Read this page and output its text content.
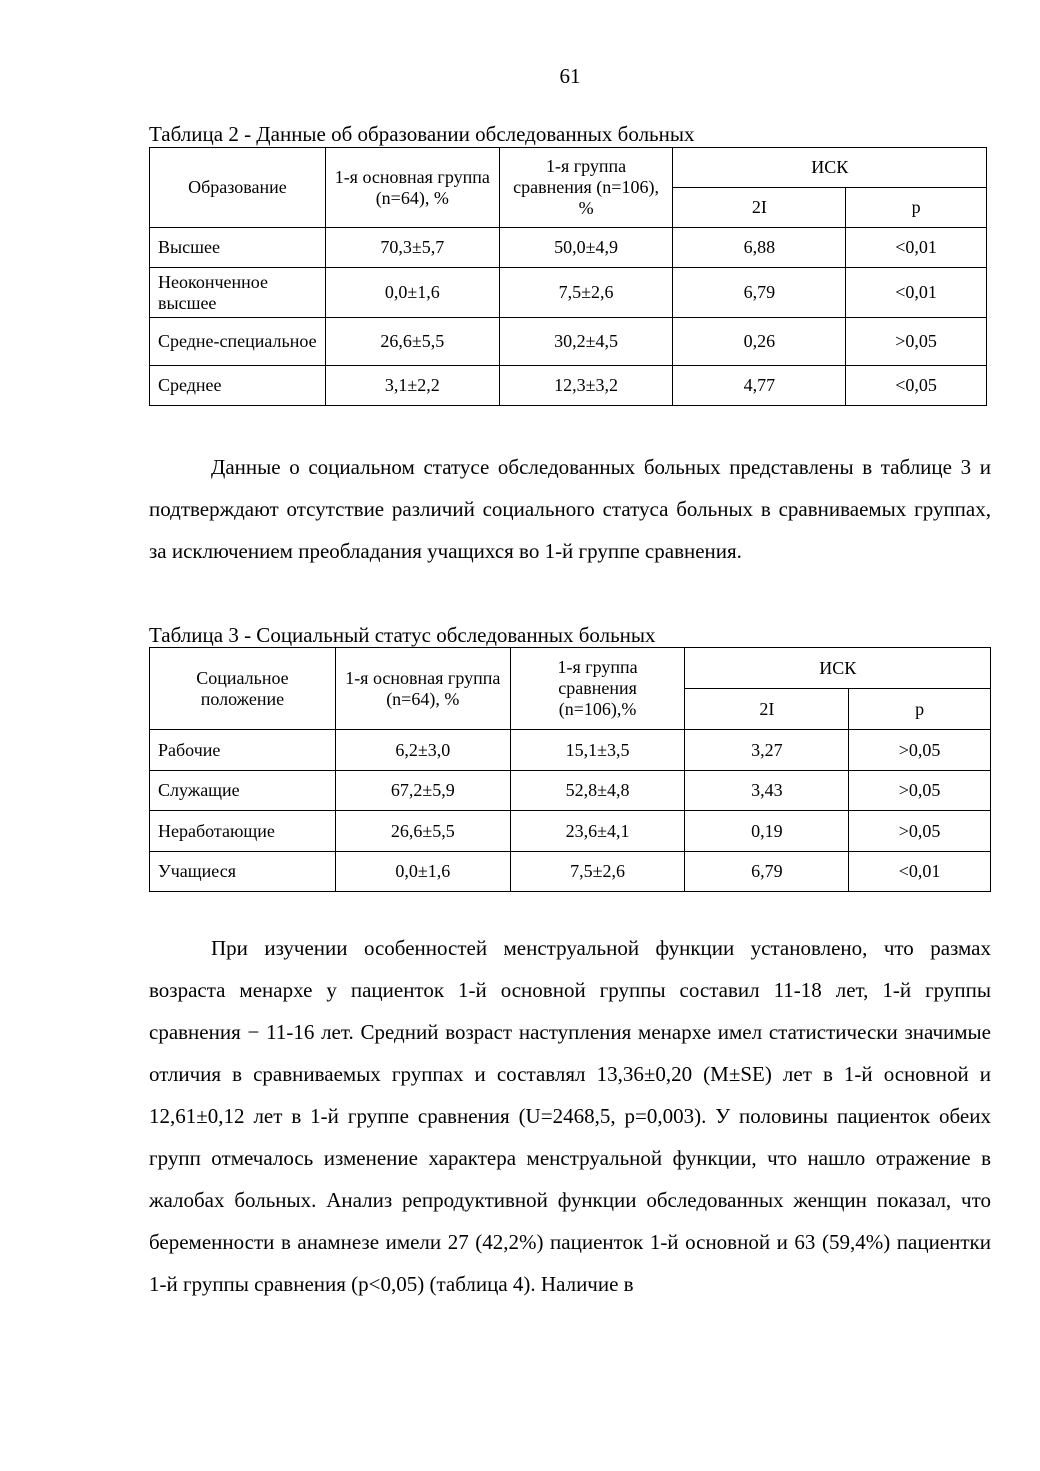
61
Таблица 2 - Данные об образовании обследованных больных
Образование	1-я основная группа (n=64), %	1-я группа сравнения (n=106), %	ИСК	
			2I	p
Высшее	70,3±5,7	50,0±4,9	6,88	<0,01
Неоконченное высшее	0,0±1,6	7,5±2,6	6,79	<0,01
Средне-специальное	26,6±5,5	30,2±4,5	0,26	>0,05
Среднее	3,1±2,2	12,3±3,2	4,77	<0,05

Данные о социальном статусе обследованных больных представлены в таблице 3 и подтверждают отсутствие различий социального статуса больных в сравниваемых группах, за исключением преобладания учащихся во 1-й группе сравнения.

Таблица 3 - Социальный статус обследованных больных
Социальное положение	1-я основная группа (n=64), %	1-я группа сравнения (n=106),%	ИСК	
			2I	p
Рабочие	6,2±3,0	15,1±3,5	3,27	>0,05
Служащие	67,2±5,9	52,8±4,8	3,43	>0,05
Неработающие	26,6±5,5	23,6±4,1	0,19	>0,05
Учащиеся	0,0±1,6	7,5±2,6	6,79	<0,01

При изучении особенностей менструальной функции установлено, что размах возраста менархе у пациенток 1-й основной группы составил 11-18 лет, 1-й группы сравнения − 11-16 лет. Средний возраст наступления менархе имел статистически значимые отличия в сравниваемых группах и составлял 13,36±0,20 (M±SE) лет в 1-й основной и 12,61±0,12 лет в 1-й группе сравнения (U=2468,5, p=0,003). У половины пациенток обеих групп отмечалось изменение характера менструальной функции, что нашло отражение в жалобах больных. Анализ репродуктивной функции обследованных женщин показал, что беременности в анамнезе имели 27 (42,2%) пациенток 1-й основной и 63 (59,4%) пациентки 1-й группы сравнения (p<0,05) (таблица 4). Наличие в
